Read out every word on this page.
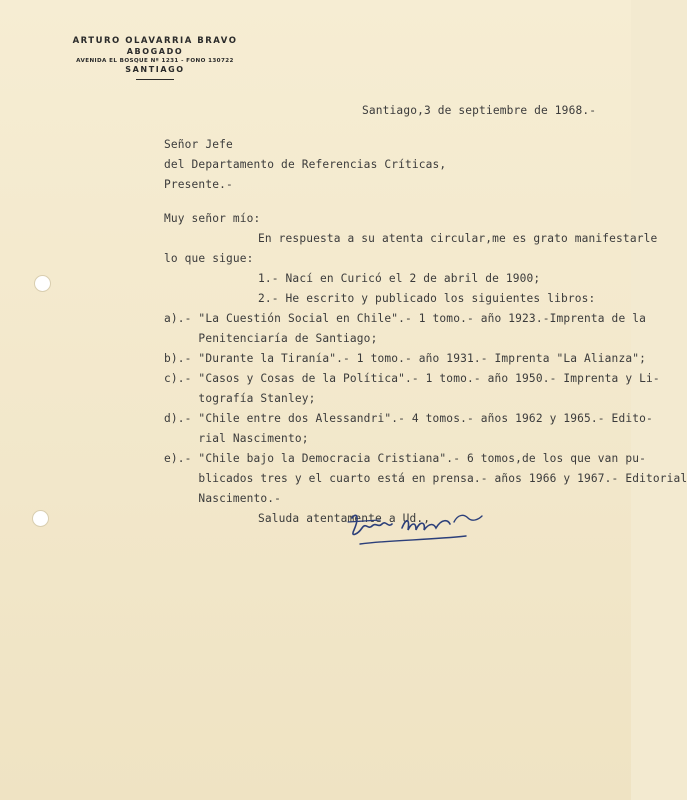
ARTURO OLAVARRIA BRAVO
ABOGADO
AVENIDA EL BOSQUE Nº 1231 - FONO 130722
SANTIAGO
Santiago,3 de septiembre de 1968.-
Señor Jefe
del Departamento de Referencias Críticas,
Presente.-
Muy señor mío:
En respuesta a su atenta circular,me es grato manifestarle
lo que sigue:
1.- Nací en Curicó el 2 de abril de 1900;
2.- He escrito y publicado los siguientes libros:
a).- "La Cuestión Social en Chile".- 1 tomo.- año 1923.-Imprenta de la
Penitenciaría de Santiago;
b).- "Durante la Tiranía".- 1 tomo.- año 1931.- Imprenta "La Alianza";
c).- "Casos y Cosas de la Política".- 1 tomo.- año 1950.- Imprenta y Li-
tografía Stanley;
d).- "Chile entre dos Alessandri".- 4 tomos.- años 1962 y 1965.- Edito-
rial Nascimento;
e).- "Chile bajo la Democracia Cristiana".- 6 tomos,de los que van pu-
blicados tres y el cuarto está en prensa.- años 1966 y 1967.- Editorial
Nascimento.-
Saluda atentamente a Ud.,
